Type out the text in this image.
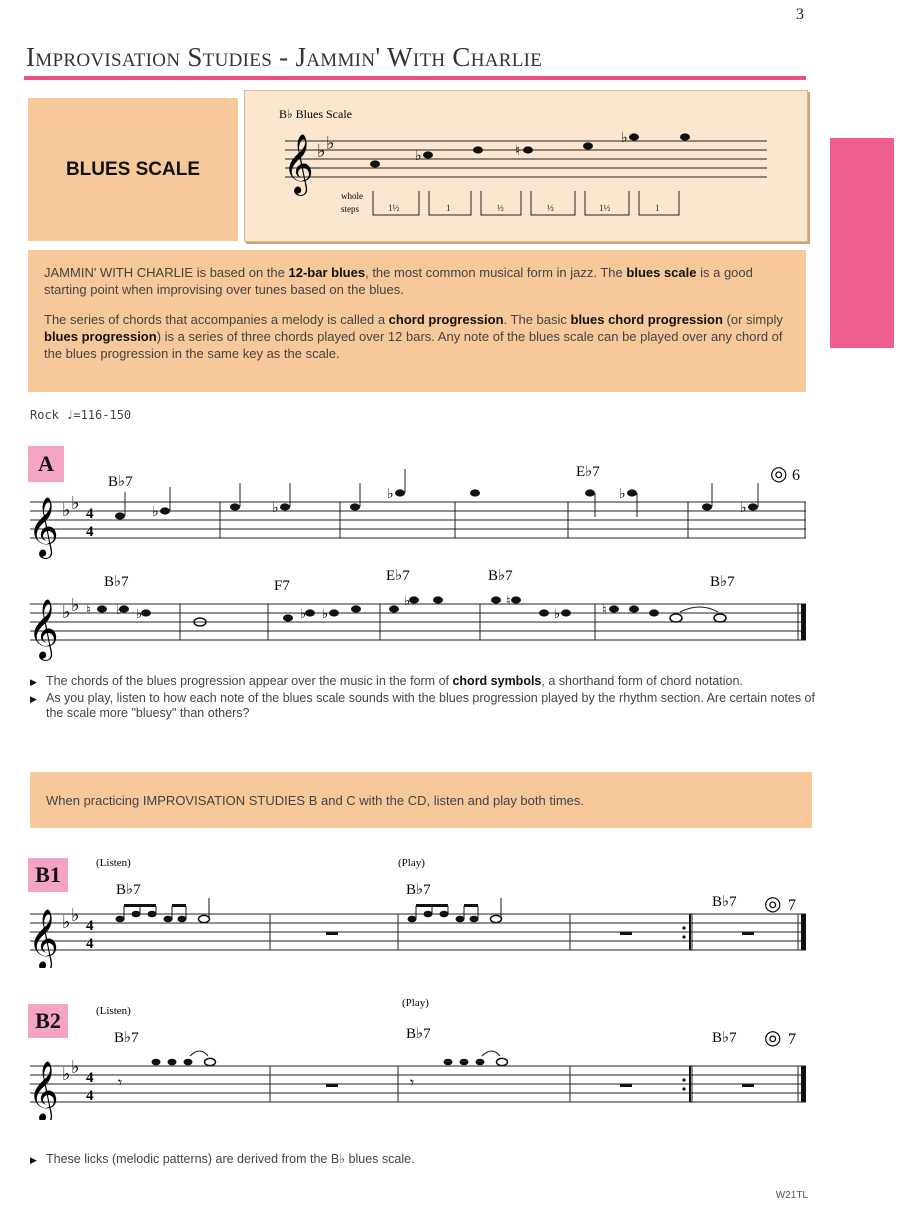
3
Improvisation Studies - Jammin' With Charlie
BLUES SCALE
B♭ Blues Scale
𝄞 ♭ ♭
♭	♮
♭
whole
steps	1½	1	½	½	1½	1

JAMMIN' WITH CHARLIE is based on the 12-bar blues, the most common musical form in jazz. The blues scale is a good starting point when improvising over tunes based on the blues.

The series of chords that accompanies a melody is called a chord progression. The basic blues chord progression (or simply blues progression) is a series of three chords played over 12 bars. Any note of the blues scale can be played over any chord of the blues progression in the same key as the scale.

Rock ♩=116-150
A	◎ 6
B♭7
E♭7
𝄞 ♭ ♭
4
4
♭	♭
♭	♭
♭
B♭7	F7
E♭7	B♭7	B♭7
𝄞 ♭ ♭ ♮ ♭ ♭	♭ ♭
♭	♮
♭	♮
▶ The chords of the blues progression appear over the music in the form of chord symbols, a shorthand form of chord notation.
▶ As you play, listen to how each note of the blues scale sounds with the blues progression played by the rhythm section. Are certain notes of the scale more "bluesy" than others?
When practicing IMPROVISATION STUDIES B and C with the CD, listen and play both times.
B1	(Listen)	(Play)
B♭7	B♭7
B♭7 ◎ 7
𝄞 ♭ ♭
4
4
B2	(Listen)
(Play)
B♭7	B♭7	B♭7 ◎ 7
𝄞 ♭ ♭
4
4
𝄾	𝄾
▶ These licks (melodic patterns) are derived from the B♭ blues scale.
W21TL
